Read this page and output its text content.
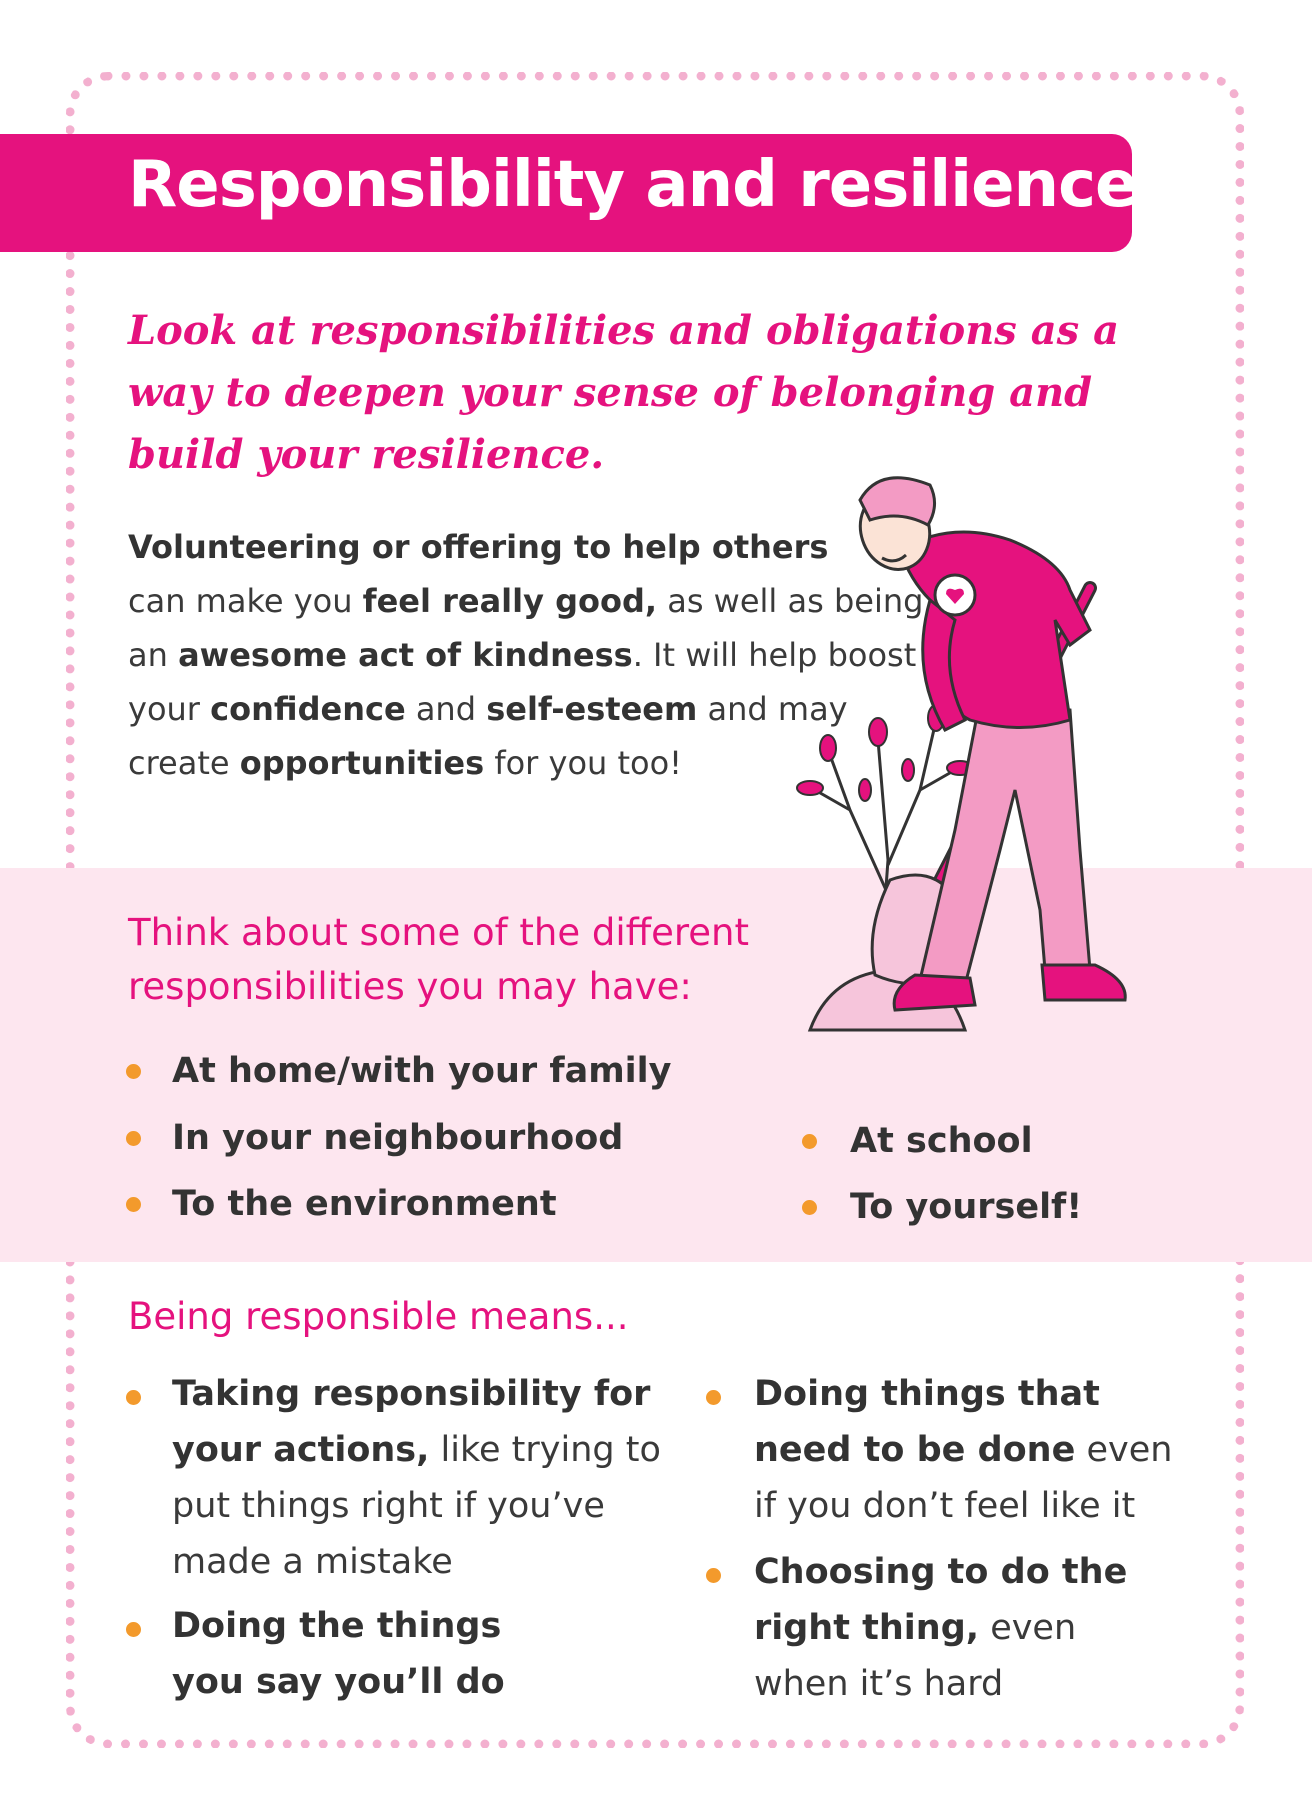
Responsibility and resilience

Look at responsibilities and obligations as a way to deepen your sense of belonging and build your resilience.

Volunteering or offering to help others
can make you feel really good, as well as being an awesome act of kindness. It will help boost your confidence and self-esteem and may create opportunities for you too!

Think about some of the different responsibilities you may have:

At home/with your family
In your neighbourhood
To the environment
At school
To yourself!

Being responsible means...

Taking responsibility for your actions, like trying to put things right if you’ve made a mistake

Doing the things you say you’ll do

Doing things that need to be done even if you don’t feel like it

Choosing to do the right thing, even when it’s hard
